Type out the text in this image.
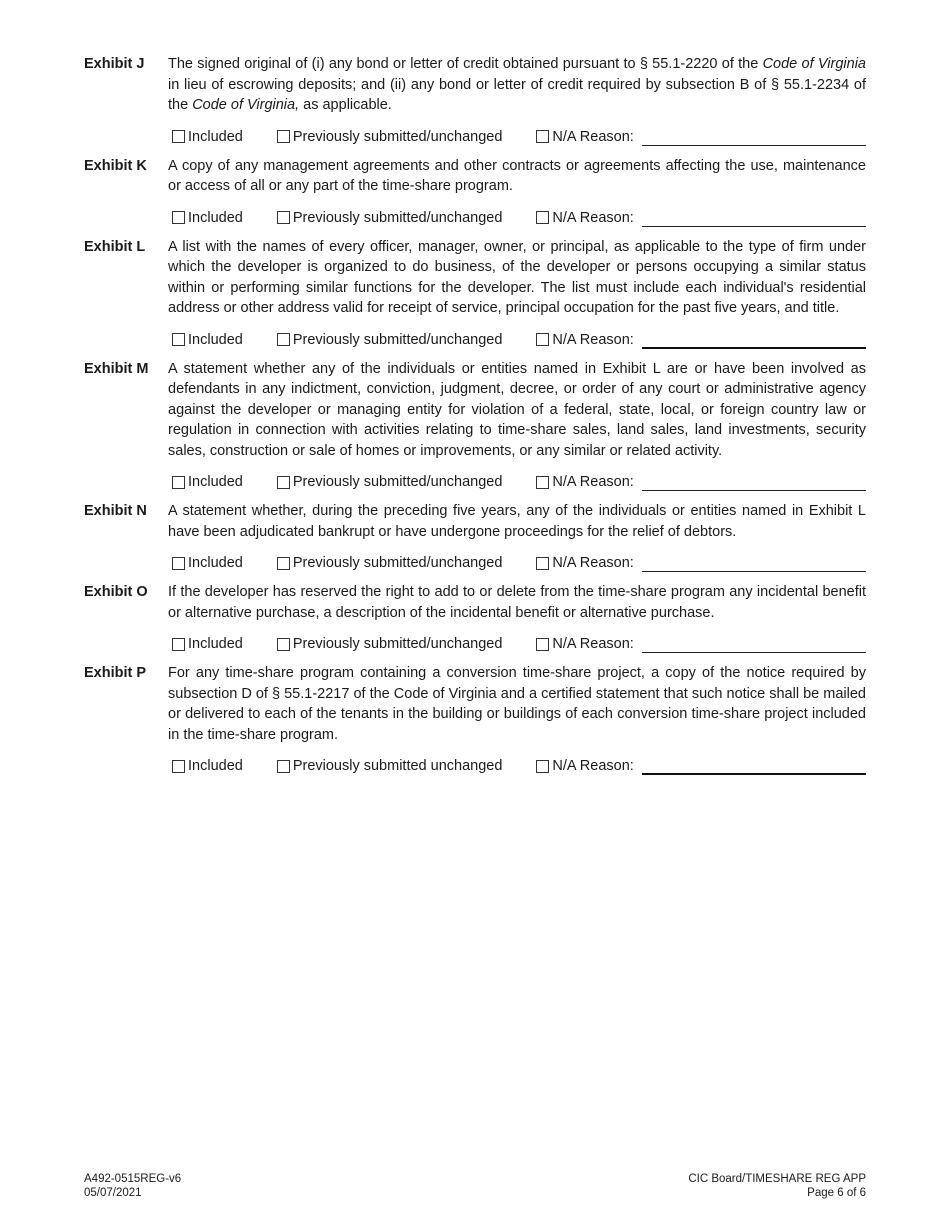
Exhibit J	The signed original of (i) any bond or letter of credit obtained pursuant to § 55.1-2220 of the Code of Virginia in lieu of escrowing deposits; and (ii) any bond or letter of credit required by subsection B of § 55.1-2234 of the Code of Virginia, as applicable.
Included	Previously submitted/unchanged	N/A Reason:
Exhibit K	A copy of any management agreements and other contracts or agreements affecting the use, maintenance or access of all or any part of the time-share program.
Included	Previously submitted/unchanged	N/A Reason:
Exhibit L	A list with the names of every officer, manager, owner, or principal, as applicable to the type of firm under which the developer is organized to do business, of the developer or persons occupying a similar status within or performing similar functions for the developer. The list must include each individual's residential address or other address valid for receipt of service, principal occupation for the past five years, and title.
Included	Previously submitted/unchanged	N/A Reason:
Exhibit M	A statement whether any of the individuals or entities named in Exhibit L are or have been involved as defendants in any indictment, conviction, judgment, decree, or order of any court or administrative agency against the developer or managing entity for violation of a federal, state, local, or foreign country law or regulation in connection with activities relating to time-share sales, land sales, land investments, security sales, construction or sale of homes or improvements, or any similar or related activity.
Included	Previously submitted/unchanged	N/A Reason:
Exhibit N	A statement whether, during the preceding five years, any of the individuals or entities named in Exhibit L have been adjudicated bankrupt or have undergone proceedings for the relief of debtors.
Included	Previously submitted/unchanged	N/A Reason:
Exhibit O	If the developer has reserved the right to add to or delete from the time-share program any incidental benefit or alternative purchase, a description of the incidental benefit or alternative purchase.
Included	Previously submitted/unchanged	N/A Reason:
Exhibit P	For any time-share program containing a conversion time-share project, a copy of the notice required by subsection D of § 55.1-2217 of the Code of Virginia and a certified statement that such notice shall be mailed or delivered to each of the tenants in the building or buildings of each conversion time-share project included in the time-share program.
Included	Previously submitted unchanged	N/A Reason:
A492-0515REG-v6
05/07/2021
CIC Board/TIMESHARE REG APP
Page 6 of 6
